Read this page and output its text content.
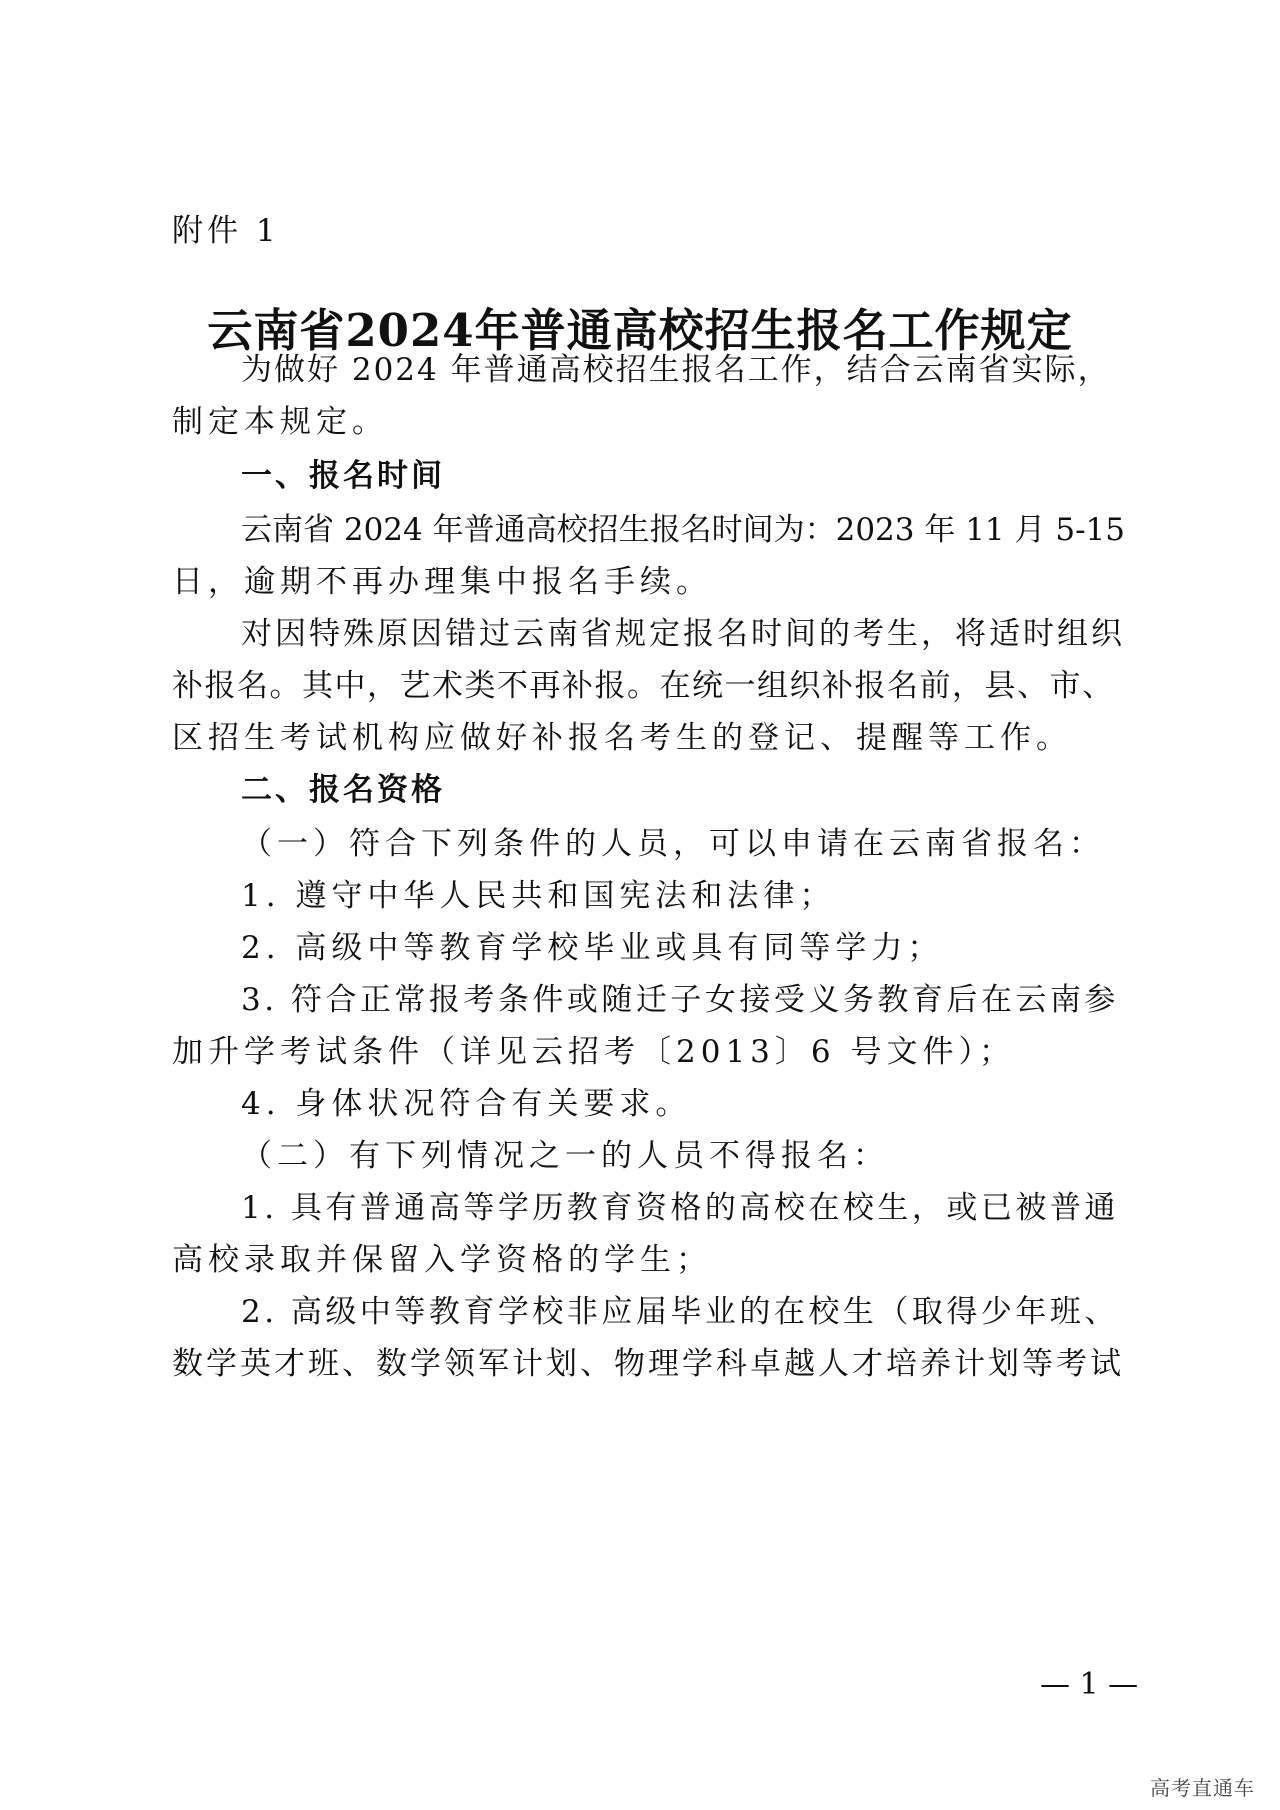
附件 1
云南省2024年普通高校招生报名工作规定
为做好 2024 年普通高校招生报名工作，结合云南省实际，
制定本规定。
一、报名时间
云南省 2024 年普通高校招生报名时间为：2023 年 11 月 5-15
日，逾期不再办理集中报名手续。
对因特殊原因错过云南省规定报名时间的考生，将适时组织
补报名。其中，艺术类不再补报。在统一组织补报名前，县、市、
区招生考试机构应做好补报名考生的登记、提醒等工作。
二、报名资格
（一）符合下列条件的人员，可以申请在云南省报名：
1. 遵守中华人民共和国宪法和法律；
2. 高级中等教育学校毕业或具有同等学力；
3. 符合正常报考条件或随迁子女接受义务教育后在云南参
加升学考试条件（详见云招考〔2013〕6 号文件）；
4. 身体状况符合有关要求。
（二）有下列情况之一的人员不得报名：
1. 具有普通高等学历教育资格的高校在校生，或已被普通
高校录取并保留入学资格的学生；
2. 高级中等教育学校非应届毕业的在校生（取得少年班、
数学英才班、数学领军计划、物理学科卓越人才培养计划等考试
— 1 —
高考直通车
